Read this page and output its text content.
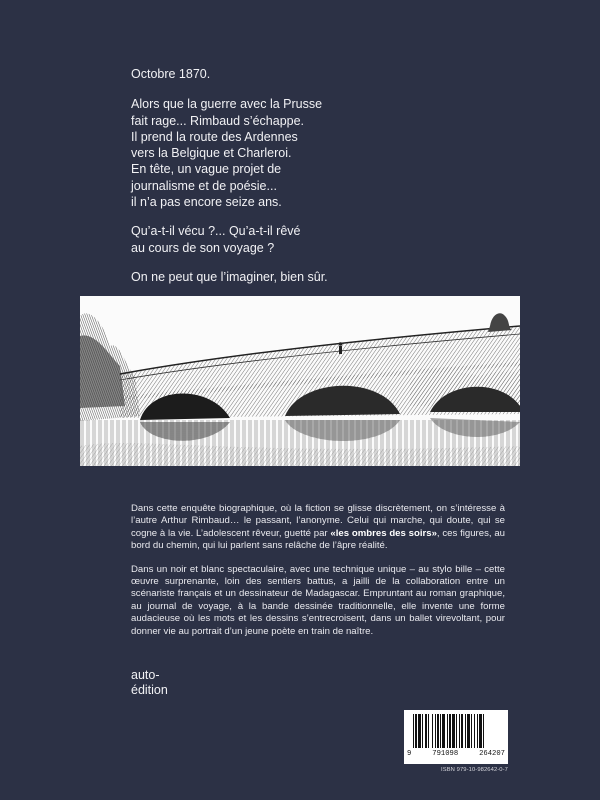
Octobre 1870.

Alors que la guerre avec la Prusse
fait rage... Rimbaud s’échappe.
Il prend la route des Ardennes
vers la Belgique et Charleroi.
En tête, un vague projet de
journalisme et de poésie...
il n’a pas encore seize ans.

Qu’a-t-il vécu ?... Qu’a-t-il rêvé
au cours de son voyage ?

On ne peut que l’imaginer, bien sûr.

Dans cette enquête biographique, où la fiction se glisse discrètement, on s’intéresse à l’autre Arthur Rimbaud… le passant, l’anonyme. Celui qui marche, qui doute, qui se cogne à la vie. L’adolescent rêveur, guetté par «les ombres des soirs», ces figures, au bord du chemin, qui lui parlent sans relâche de l’âpre réalité.

Dans un noir et blanc spectaculaire, avec une technique unique – au stylo bille – cette œuvre surprenante, loin des sentiers battus, a jailli de la collaboration entre un scénariste français et un dessinateur de Madagascar. Empruntant au roman graphique, au journal de voyage, à la bande dessinée traditionnelle, elle invente une forme audacieuse où les mots et les dessins s’entrecroisent, dans un ballet virevoltant, pour donner vie au portrait d’un jeune poète en train de naître.

auto-
édition
9	791098	264207
ISBN 979-10-982642-0-7
